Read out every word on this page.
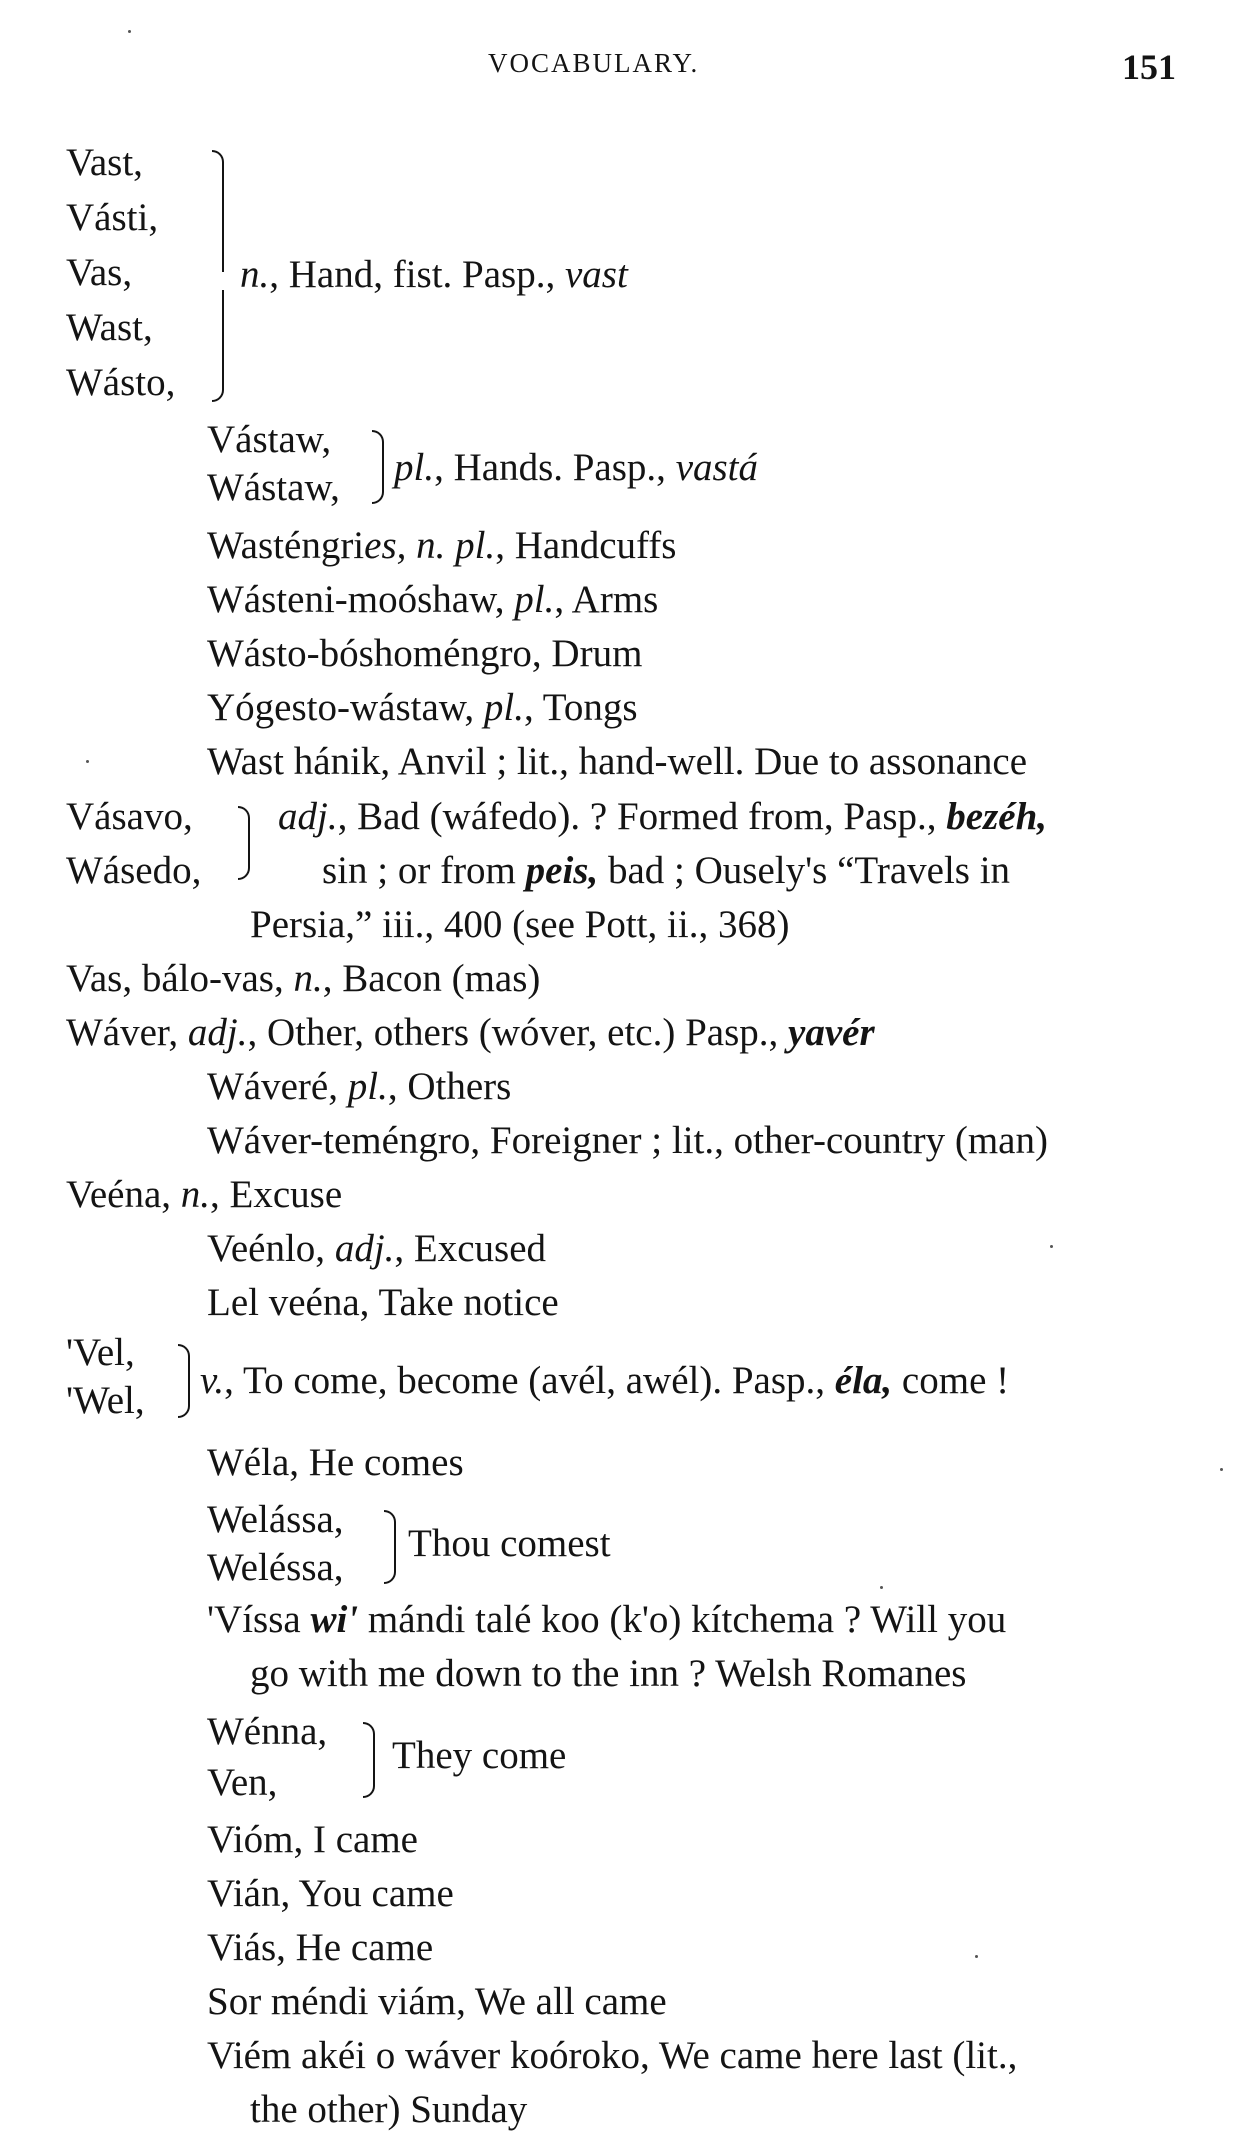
VOCABULARY.	151
Vast,
Vásti,
Vas,
Wast,
Wásto,
n., Hand, fist. Pasp., vast
Vástaw,
Wástaw, pl., Hands. Pasp., vastá
Wasténgries, n. pl., Handcuffs
Wásteni-moóshaw, pl., Arms
Wásto-bóshoméngro, Drum
Yógesto-wástaw, pl., Tongs
Wast hánik, Anvil ; lit., hand-well. Due to assonance
Vásavo,
Wásedo,
adj., Bad (wáfedo). ? Formed from, Pasp., bezéh,
sin ; or from peis, bad ; Ousely's “Travels in
Persia,” iii., 400 (see Pott, ii., 368)
Vas, bálo-vas, n., Bacon (mas)
Wáver, adj., Other, others (wóver, etc.) Pasp., yavér
Wáveré, pl., Others
Wáver-teméngro, Foreigner ; lit., other-country (man)
Veéna, n., Excuse
Veénlo, adj., Excused
Lel veéna, Take notice
'Vel,
'Wel, v., To come, become (avél, awél). Pasp., éla, come !
Wéla, He comes
Welássa,
Weléssa,
Thou comest
'Víssa wi' mándi talé koo (k'o) kítchema ? Will you
go with me down to the inn ? Welsh Romanes
Wénna,
Ven,
They come
Vióm, I came
Vián, You came
Viás, He came
Sor méndi viám, We all came
Viém akéi o wáver koóroko, We came here last (lit.,
the other) Sunday
